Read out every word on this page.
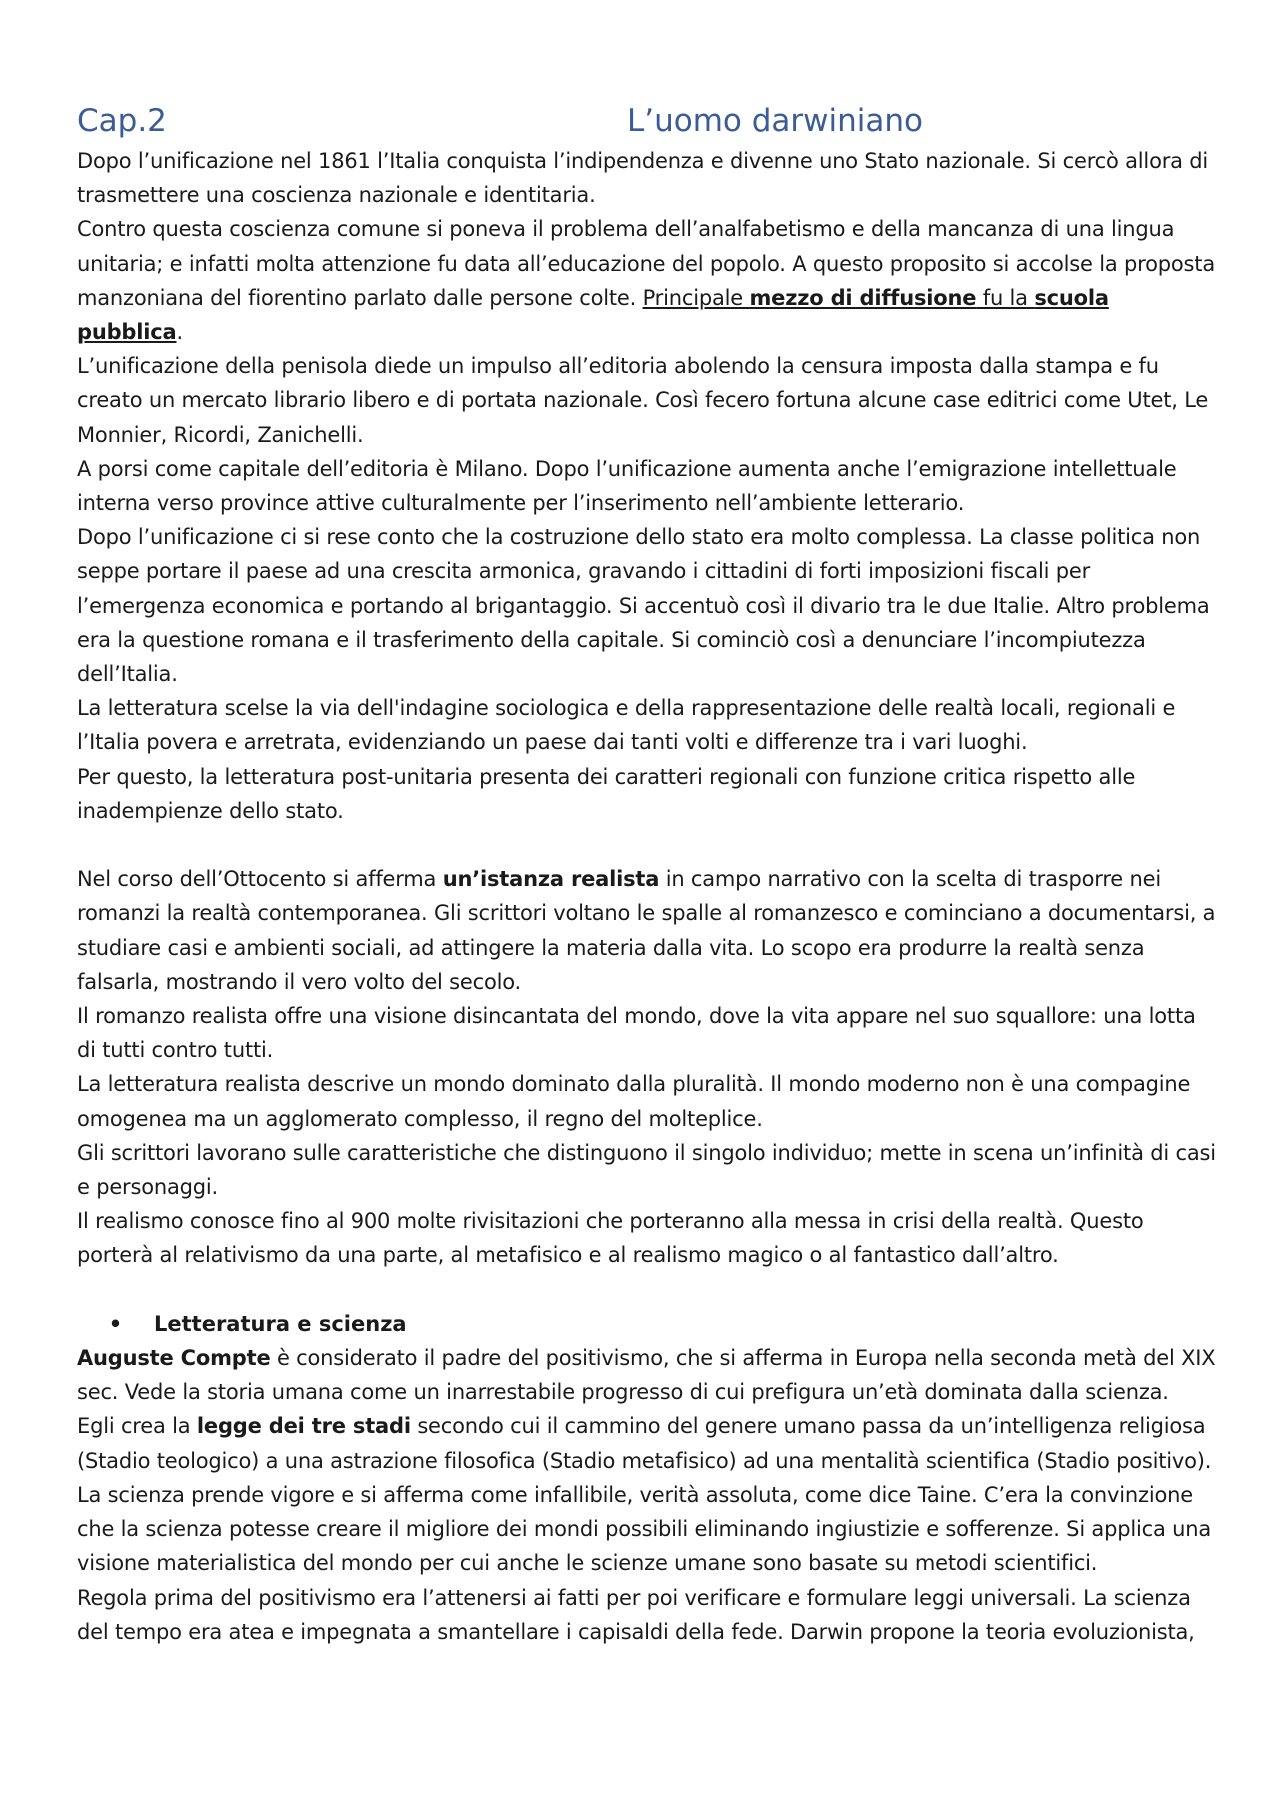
Cap.2	L’uomo darwiniano

Dopo l’unificazione nel 1861 l’Italia conquista l’indipendenza e divenne uno Stato nazionale. Si cercò allora di trasmettere una coscienza nazionale e identitaria.

Contro questa coscienza comune si poneva il problema dell’analfabetismo e della mancanza di una lingua unitaria; e infatti molta attenzione fu data all’educazione del popolo. A questo proposito si accolse la proposta manzoniana del fiorentino parlato dalle persone colte. Principale mezzo di diffusione fu la scuola pubblica.

L’unificazione della penisola diede un impulso all’editoria abolendo la censura imposta dalla stampa e fu creato un mercato librario libero e di portata nazionale. Così fecero fortuna alcune case editrici come Utet, Le Monnier, Ricordi, Zanichelli.

A porsi come capitale dell’editoria è Milano. Dopo l’unificazione aumenta anche l’emigrazione intellettuale interna verso province attive culturalmente per l’inserimento nell’ambiente letterario.

Dopo l’unificazione ci si rese conto che la costruzione dello stato era molto complessa. La classe politica non seppe portare il paese ad una crescita armonica, gravando i cittadini di forti imposizioni fiscali per l’emergenza economica e portando al brigantaggio. Si accentuò così il divario tra le due Italie. Altro problema era la questione romana e il trasferimento della capitale. Si cominciò così a denunciare l’incompiutezza dell’Italia.

La letteratura scelse la via dell'indagine sociologica e della rappresentazione delle realtà locali, regionali e l’Italia povera e arretrata, evidenziando un paese dai tanti volti e differenze tra i vari luoghi.

Per questo, la letteratura post-unitaria presenta dei caratteri regionali con funzione critica rispetto alle inadempienze dello stato.

Nel corso dell’Ottocento si afferma un’istanza realista in campo narrativo con la scelta di trasporre nei romanzi la realtà contemporanea. Gli scrittori voltano le spalle al romanzesco e cominciano a documentarsi, a studiare casi e ambienti sociali, ad attingere la materia dalla vita. Lo scopo era produrre la realtà senza falsarla, mostrando il vero volto del secolo.

Il romanzo realista offre una visione disincantata del mondo, dove la vita appare nel suo squallore: una lotta di tutti contro tutti.

La letteratura realista descrive un mondo dominato dalla pluralità. Il mondo moderno non è una compagine omogenea ma un agglomerato complesso, il regno del molteplice.

Gli scrittori lavorano sulle caratteristiche che distinguono il singolo individuo; mette in scena un’infinità di casi e personaggi.

Il realismo conosce fino al 900 molte rivisitazioni che porteranno alla messa in crisi della realtà. Questo porterà al relativismo da una parte, al metafisico e al realismo magico o al fantastico dall’altro.

•	Letteratura e scienza

Auguste Compte è considerato il padre del positivismo, che si afferma in Europa nella seconda metà del XIX sec. Vede la storia umana come un inarrestabile progresso di cui prefigura un’età dominata dalla scienza.

Egli crea la legge dei tre stadi secondo cui il cammino del genere umano passa da un’intelligenza religiosa (Stadio teologico) a una astrazione filosofica (Stadio metafisico) ad una mentalità scientifica (Stadio positivo). La scienza prende vigore e si afferma come infallibile, verità assoluta, come dice Taine. C’era la convinzione che la scienza potesse creare il migliore dei mondi possibili eliminando ingiustizie e sofferenze. Si applica una visione materialistica del mondo per cui anche le scienze umane sono basate su metodi scientifici.

Regola prima del positivismo era l’attenersi ai fatti per poi verificare e formulare leggi universali. La scienza del tempo era atea e impegnata a smantellare i capisaldi della fede. Darwin propone la teoria evoluzionista,
